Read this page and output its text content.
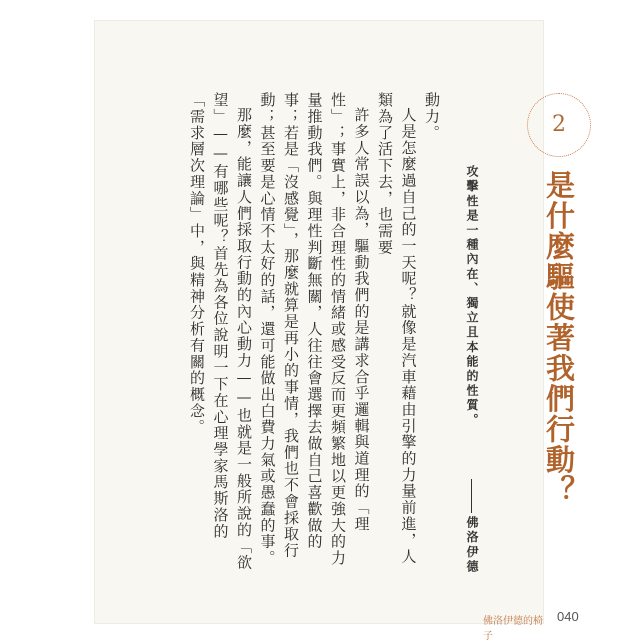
2
是什麼驅使著我們行動？
攻擊性是一種內在、獨立且本能的性質。
佛洛伊德

動力。

人是怎麼過自己的一天呢？就像是汽車藉由引擎的力量前進，人類為了活下去，也需要

許多人常誤以為，驅動我們的是講求合乎邏輯與道理的「理性」；事實上，非合理性的情緒或感受反而更頻繁地以更強大的力量推動我們。與理性判斷無關，人往往會選擇去做自己喜歡做的事；若是「沒感覺」，那麼就算是再小的事情，我們也不會採取行動；甚至要是心情不太好的話，還可能做出白費力氣或愚蠢的事。

那麼，能讓人們採取行動的內心動力——也就是一般所說的「欲望」——有哪些呢？首先為各位說明一下在心理學家馬斯洛的「需求層次理論」中，與精神分析有關的概念。

佛洛伊德的椅子
040
